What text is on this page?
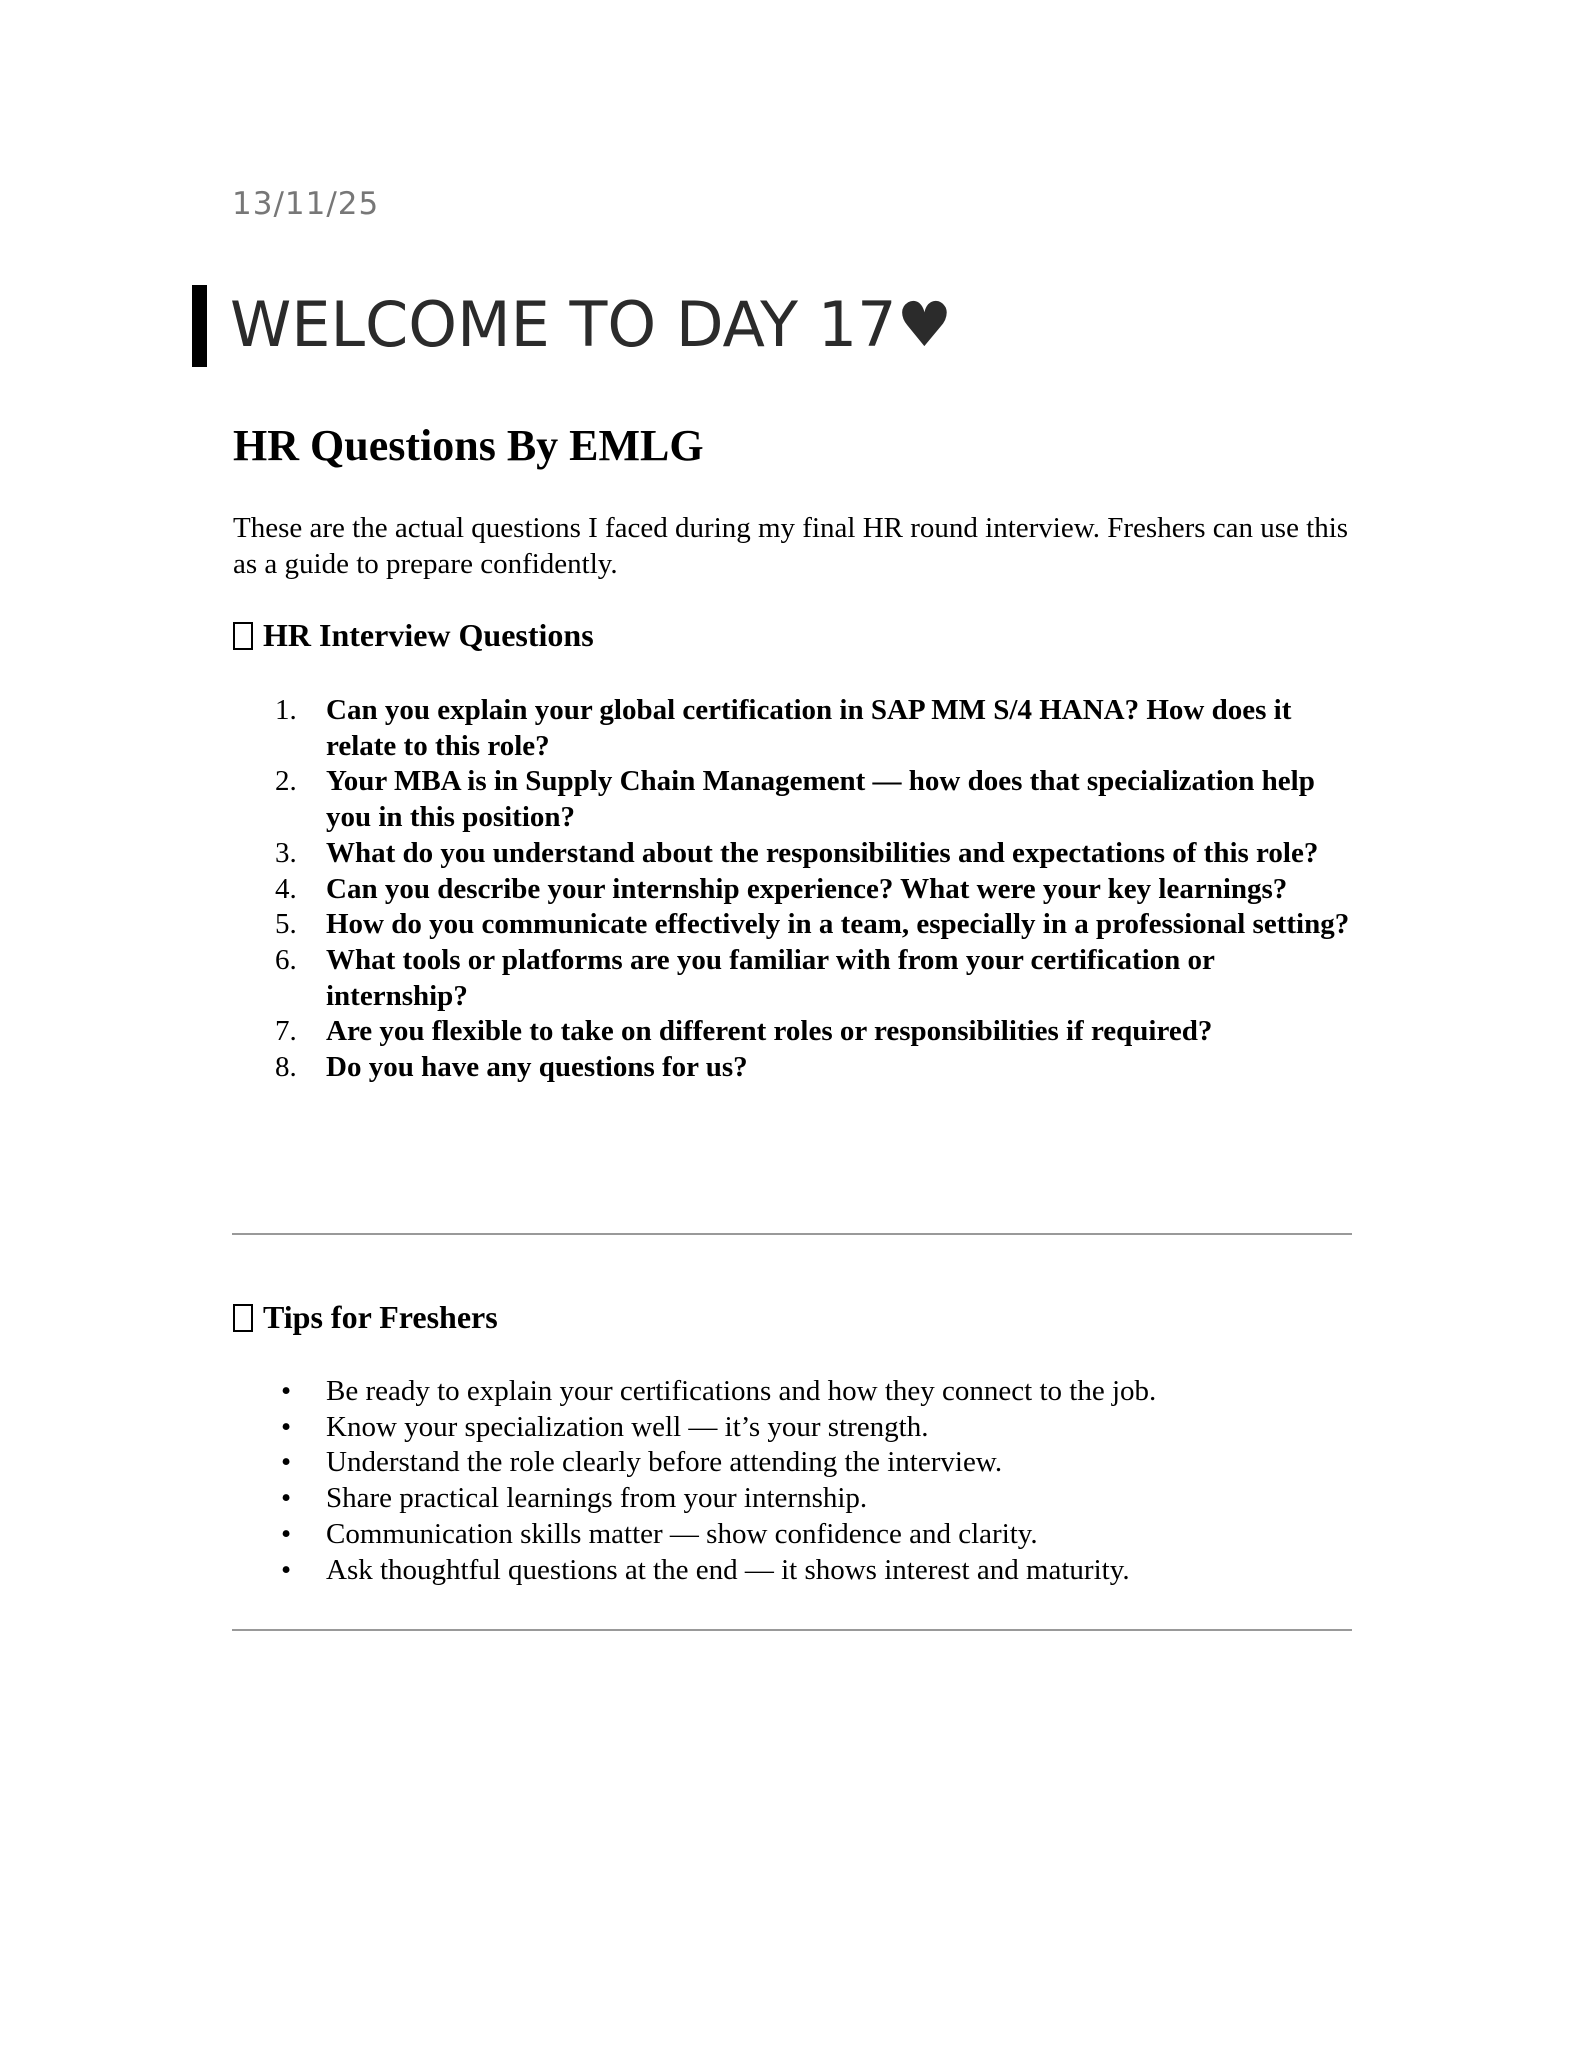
13/11/25
WELCOME TO DAY 17♥
HR Questions By EMLG
These are the actual questions I faced during my final HR round interview. Freshers can use this as a guide to prepare confidently.
HR Interview Questions
1. Can you explain your global certification in SAP MM S/4 HANA? How does it relate to this role?
2. Your MBA is in Supply Chain Management — how does that specialization help you in this position?
3. What do you understand about the responsibilities and expectations of this role?
4. Can you describe your internship experience? What were your key learnings?
5. How do you communicate effectively in a team, especially in a professional setting?
6. What tools or platforms are you familiar with from your certification or internship?
7. Are you flexible to take on different roles or responsibilities if required?
8. Do you have any questions for us?
Tips for Freshers
• Be ready to explain your certifications and how they connect to the job.
• Know your specialization well — it’s your strength.
• Understand the role clearly before attending the interview.
• Share practical learnings from your internship.
• Communication skills matter — show confidence and clarity.
• Ask thoughtful questions at the end — it shows interest and maturity.
